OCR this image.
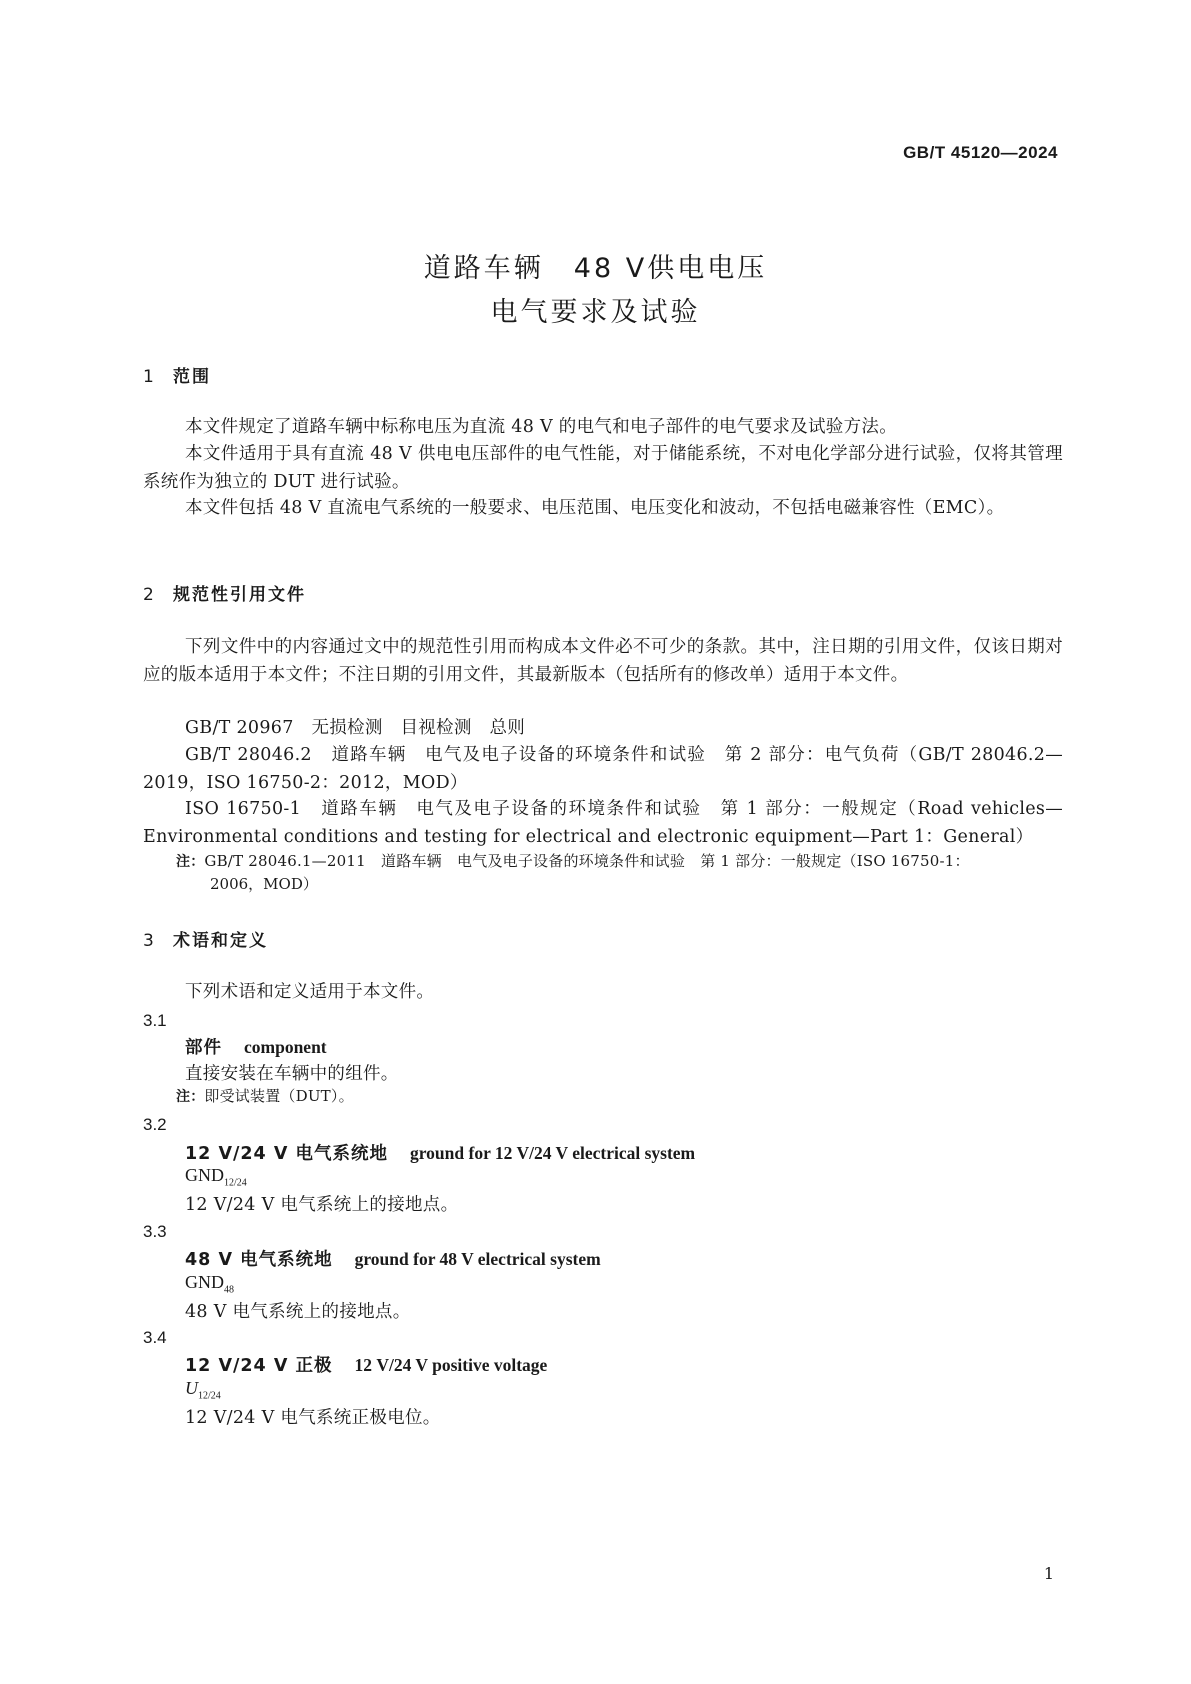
GB/T 45120—2024
道路车辆　48 V供电电压
电气要求及试验
1 范围
本文件规定了道路车辆中标称电压为直流 48 V 的电气和电子部件的电气要求及试验方法。
本文件适用于具有直流 48 V 供电电压部件的电气性能，对于储能系统，不对电化学部分进行试验，仅将其管理系统作为独立的 DUT 进行试验。
本文件包括 48 V 直流电气系统的一般要求、电压范围、电压变化和波动，不包括电磁兼容性（EMC）。
2 规范性引用文件
下列文件中的内容通过文中的规范性引用而构成本文件必不可少的条款。其中，注日期的引用文件，仅该日期对应的版本适用于本文件；不注日期的引用文件，其最新版本（包括所有的修改单）适用于本文件。
GB/T 20967　无损检测　目视检测　总则
GB/T 28046.2　道路车辆　电气及电子设备的环境条件和试验　第 2 部分：电气负荷（GB/T 28046.2—2019，ISO 16750-2：2012，MOD）
ISO 16750-1　道路车辆　电气及电子设备的环境条件和试验　第 1 部分：一般规定（Road vehicles—Environmental conditions and testing for electrical and electronic equipment—Part 1：General）
注：GB/T 28046.1—2011　道路车辆　电气及电子设备的环境条件和试验　第 1 部分：一般规定（ISO 16750-1：
2006，MOD）
3 术语和定义
下列术语和定义适用于本文件。
3.1
部件 component
直接安装在车辆中的组件。
注：即受试装置（DUT）。
3.2
12 V/24 V 电气系统地 ground for 12 V/24 V electrical system
$GND_{12/24}$
12 V/24 V 电气系统上的接地点。
3.3
48 V 电气系统地 ground for 48 V electrical system
$GND_{48}$
48 V 电气系统上的接地点。
3.4
12 V/24 V 正极 12 V/24 V positive voltage
$U_{12/24}$
12 V/24 V 电气系统正极电位。
1
